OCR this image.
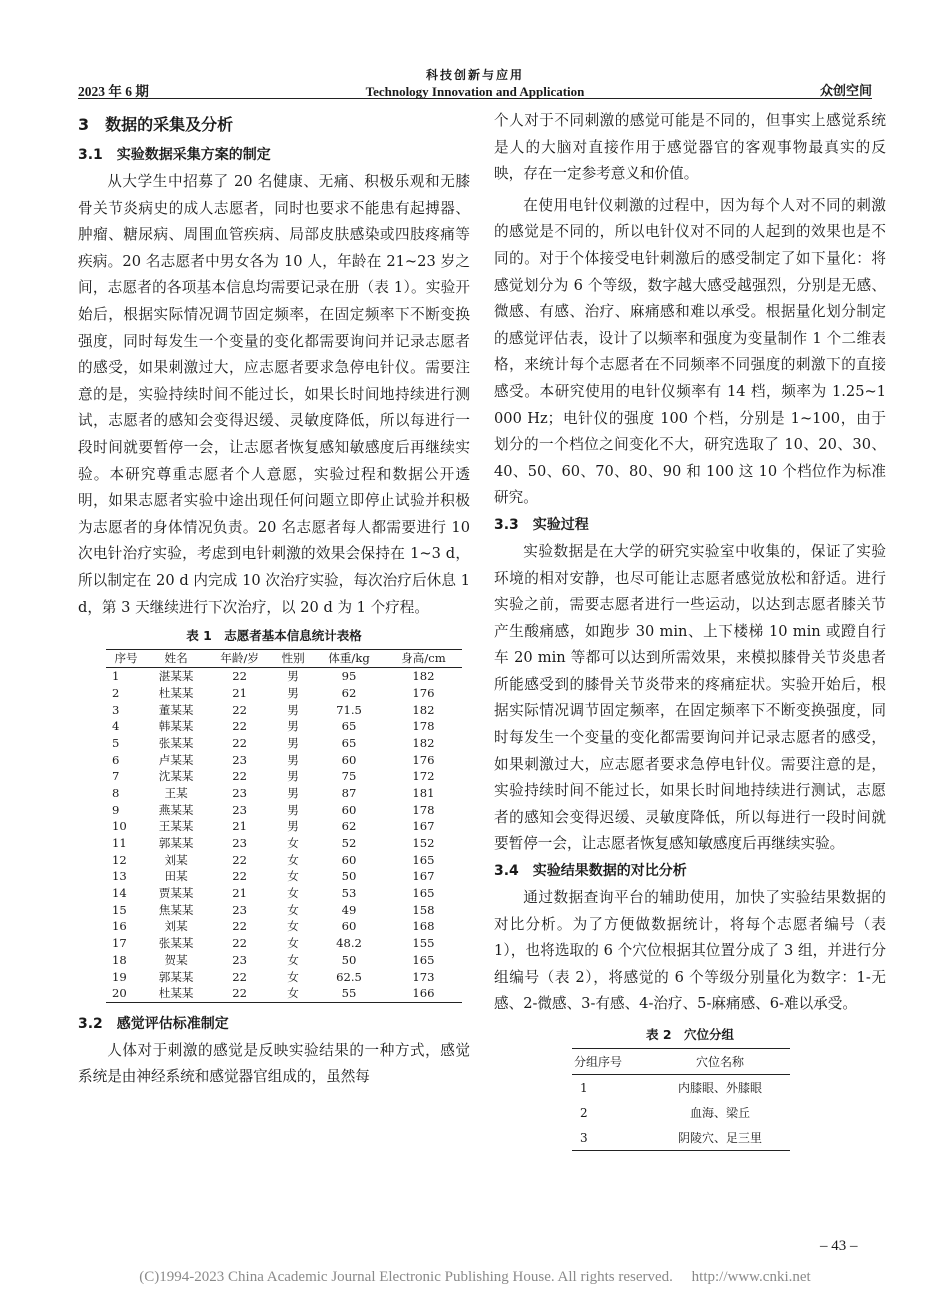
科技创新与应用
Technology Innovation and Application
2023 年 6 期	众创空间
3　数据的采集及分析
3.1　实验数据采集方案的制定

从大学生中招募了 20 名健康、无痛、积极乐观和无膝骨关节炎病史的成人志愿者，同时也要求不能患有起搏器、肿瘤、糖尿病、周围血管疾病、局部皮肤感染或四肢疼痛等疾病。20 名志愿者中男女各为 10 人，年龄在 21~23 岁之间，志愿者的各项基本信息均需要记录在册（表 1）。实验开始后，根据实际情况调节固定频率，在固定频率下不断变换强度，同时每发生一个变量的变化都需要询问并记录志愿者的感受，如果刺激过大，应志愿者要求急停电针仪。需要注意的是，实验持续时间不能过长，如果长时间地持续进行测试，志愿者的感知会变得迟缓、灵敏度降低，所以每进行一段时间就要暂停一会，让志愿者恢复感知敏感度后再继续实验。本研究尊重志愿者个人意愿，实验过程和数据公开透明，如果志愿者实验中途出现任何问题立即停止试验并积极为志愿者的身体情况负责。20 名志愿者每人都需要进行 10 次电针治疗实验，考虑到电针刺激的效果会保持在 1~3 d，所以制定在 20 d 内完成 10 次治疗实验，每次治疗后休息 1 d，第 3 天继续进行下次治疗，以 20 d 为 1 个疗程。

表 1　志愿者基本信息统计表格
序号	姓名	年龄/岁	性别	体重/kg	身高/cm
1	湛某某	22	男	95	182
2	杜某某	21	男	62	176
3	董某某	22	男	71.5	182
4	韩某某	22	男	65	178
5	张某某	22	男	65	182
6	卢某某	23	男	60	176
7	沈某某	22	男	75	172
8	王某	23	男	87	181
9	燕某某	23	男	60	178
10	王某某	21	男	62	167
11	郭某某	23	女	52	152
12	刘某	22	女	60	165
13	田某	22	女	50	167
14	贾某某	21	女	53	165
15	焦某某	23	女	49	158
16	刘某	22	女	60	168
17	张某某	22	女	48.2	155
18	贺某	23	女	50	165
19	郭某某	22	女	62.5	173
20	杜某某	22	女	55	166
3.2　感觉评估标准制定

人体对于刺激的感觉是反映实验结果的一种方式，感觉系统是由神经系统和感觉器官组成的，虽然每

个人对于不同刺激的感觉可能是不同的，但事实上感觉系统是人的大脑对直接作用于感觉器官的客观事物最真实的反映，存在一定参考意义和价值。

在使用电针仪刺激的过程中，因为每个人对不同的刺激的感觉是不同的，所以电针仪对不同的人起到的效果也是不同的。对于个体接受电针刺激后的感受制定了如下量化：将感觉划分为 6 个等级，数字越大感受越强烈，分别是无感、微感、有感、治疗、麻痛感和难以承受。根据量化划分制定的感觉评估表，设计了以频率和强度为变量制作 1 个二维表格，来统计每个志愿者在不同频率不同强度的刺激下的直接感受。本研究使用的电针仪频率有 14 档，频率为 1.25~1 000 Hz；电针仪的强度 100 个档，分别是 1~100，由于划分的一个档位之间变化不大，研究选取了 10、20、30、40、50、60、70、80、90 和 100 这 10 个档位作为标准研究。

3.3　实验过程

实验数据是在大学的研究实验室中收集的，保证了实验环境的相对安静，也尽可能让志愿者感觉放松和舒适。进行实验之前，需要志愿者进行一些运动，以达到志愿者膝关节产生酸痛感，如跑步 30 min、上下楼梯 10 min 或蹬自行车 20 min 等都可以达到所需效果，来模拟膝骨关节炎患者所能感受到的膝骨关节炎带来的疼痛症状。实验开始后，根据实际情况调节固定频率，在固定频率下不断变换强度，同时每发生一个变量的变化都需要询问并记录志愿者的感受，如果刺激过大，应志愿者要求急停电针仪。需要注意的是，实验持续时间不能过长，如果长时间地持续进行测试，志愿者的感知会变得迟缓、灵敏度降低，所以每进行一段时间就要暂停一会，让志愿者恢复感知敏感度后再继续实验。

3.4　实验结果数据的对比分析

通过数据查询平台的辅助使用，加快了实验结果数据的对比分析。为了方便做数据统计，将每个志愿者编号（表 1），也将选取的 6 个穴位根据其位置分成了 3 组，并进行分组编号（表 2），将感觉的 6 个等级分别量化为数字：1-无感、2-微感、3-有感、4-治疗、5-麻痛感、6-难以承受。

表 2　穴位分组
分组序号	穴位名称
1	内膝眼、外膝眼
2	血海、梁丘
3	阴陵穴、足三里
– 43 –
(C)1994-2023 China Academic Journal Electronic Publishing House. All rights reserved.　 http://www.cnki.net
